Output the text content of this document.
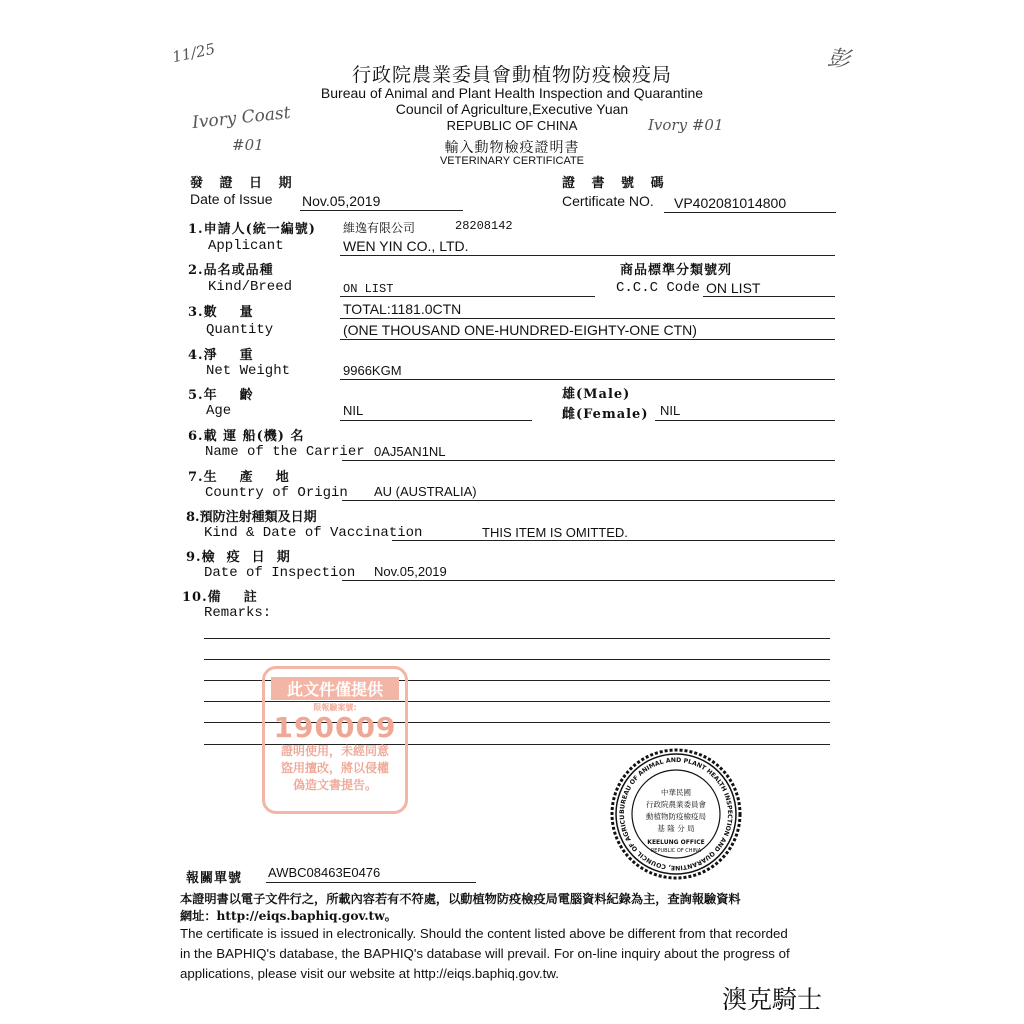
11/25
Ivory Coast
#01
Ivory #01
彭
行政院農業委員會動植物防疫檢疫局
Bureau of Animal and Plant Health Inspection and Quarantine
Council of Agriculture,Executive Yuan
REPUBLIC OF CHINA
輸入動物檢疫證明書
VETERINARY CERTIFICATE
發 證 日 期
Date of Issue Nov.05,2019
證 書 號 碼
Certificate NO. VP402081014800
1.申請人(統一編號) 維逸有限公司	28208142
Applicant	WEN YIN CO., LTD.
2.品名或品種	商品標準分類號列
Kind/Breed	ON LIST	C.C.C Code ON LIST
3.數    量	TOTAL:1181.0CTN
Quantity	(ONE THOUSAND ONE-HUNDRED-EIGHTY-ONE CTN)
4.淨    重
Net Weight	9966KGM
5.年    齡	雄(Male)
Age	NIL	雌(Female) NIL
6.載 運 船(機) 名
Name of the Carrier 0AJ5AN1NL
7.生    產    地
Country of Origin AU (AUSTRALIA)
8.預防注射種類及日期
Kind & Date of Vaccination	THIS ITEM IS OMITTED.
9.檢  疫  日  期
Date of Inspection Nov.05,2019
10.備    註
Remarks:
此文件僅提供
限報驗案號:
190009
證明使用，未經同意
盜用擅改，將以侵權
偽造文書提告。
BUREAU OF ANIMAL AND PLANT HEALTH INSPECTION AND QUARANTINE, COUNCIL OF AGRICU
中華民國
行政院農業委員會
動植物防疫檢疫局
基 隆 分 局
KEELUNG OFFICE
REPUBLIC OF CHINA
報關單號 AWBC08463E0476
本證明書以電子文件行之，所載內容若有不符處，以動植物防疫檢疫局電腦資料紀錄為主，查詢報驗資料
網址：http://eiqs.baphiq.gov.tw。
The certificate is issued in electronically. Should the content listed above be different from that recorded
in the BAPHIQ's database, the BAPHIQ's database will prevail. For on-line inquiry about the progress of
applications, please visit our website at http://eiqs.baphiq.gov.tw.
澳克騎士
